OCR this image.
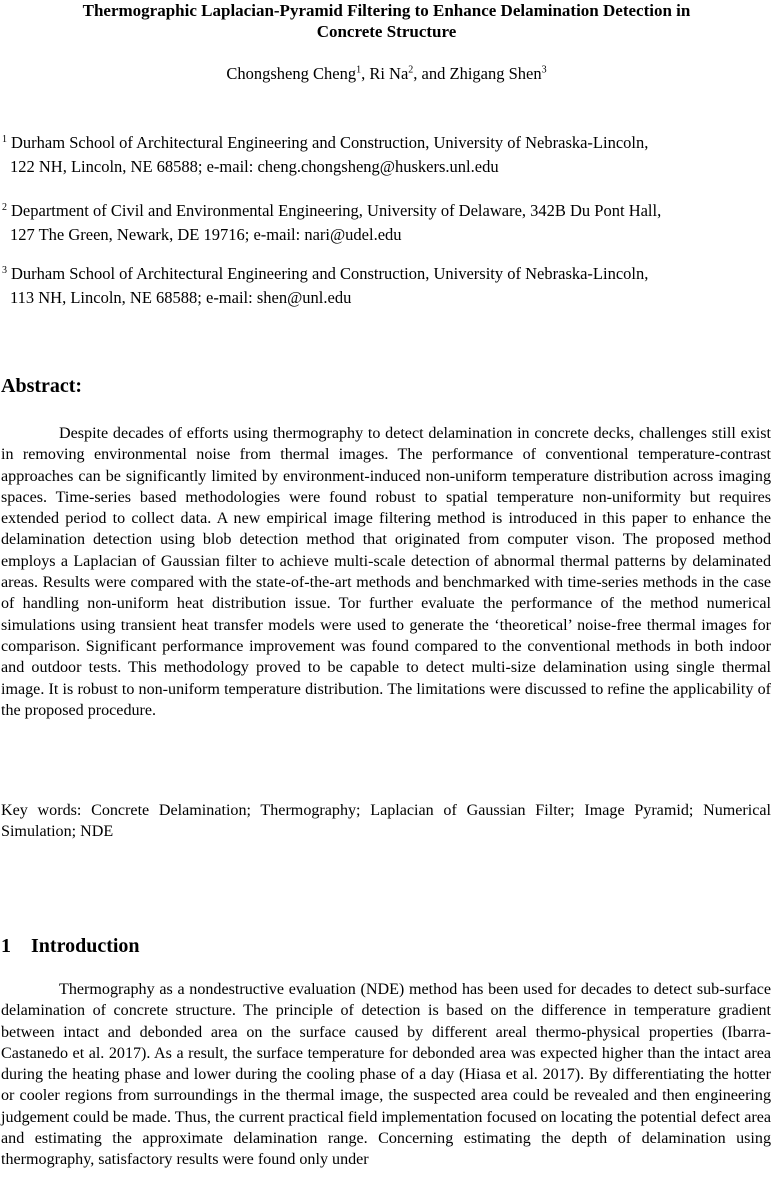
Thermographic Laplacian-Pyramid Filtering to Enhance Delamination Detection in
Concrete Structure
Chongsheng Cheng$^1$, Ri Na$^2$, and Zhigang Shen$^3$
$^1$ Durham School of Architectural Engineering and Construction, University of Nebraska-Lincoln,
122 NH, Lincoln, NE 68588; e-mail: cheng.chongsheng@huskers.unl.edu
$^2$ Department of Civil and Environmental Engineering, University of Delaware, 342B Du Pont Hall,
127 The Green, Newark, DE 19716; e-mail: nari@udel.edu
$^3$ Durham School of Architectural Engineering and Construction, University of Nebraska-Lincoln,
113 NH, Lincoln, NE 68588; e-mail: shen@unl.edu
Abstract:

Despite decades of efforts using thermography to detect delamination in concrete decks, challenges still exist in removing environmental noise from thermal images. The performance of conventional temperature-contrast approaches can be significantly limited by environment-induced non-uniform temperature distribution across imaging spaces. Time-series based methodologies were found robust to spatial temperature non-uniformity but requires extended period to collect data. A new empirical image filtering method is introduced in this paper to enhance the delamination detection using blob detection method that originated from computer vison. The proposed method employs a Laplacian of Gaussian filter to achieve multi-scale detection of abnormal thermal patterns by delaminated areas. Results were compared with the state-of-the-art methods and benchmarked with time-series methods in the case of handling non-uniform heat distribution issue. Tor further evaluate the performance of the method numerical simulations using transient heat transfer models were used to generate the ‘theoretical’ noise-free thermal images for comparison. Significant performance improvement was found compared to the conventional methods in both indoor and outdoor tests. This methodology proved to be capable to detect multi-size delamination using single thermal image. It is robust to non-uniform temperature distribution. The limitations were discussed to refine the applicability of the proposed procedure.

Key words: Concrete Delamination; Thermography; Laplacian of Gaussian Filter; Image Pyramid; Numerical Simulation; NDE

1 Introduction

Thermography as a nondestructive evaluation (NDE) method has been used for decades to detect sub-surface delamination of concrete structure. The principle of detection is based on the difference in temperature gradient between intact and debonded area on the surface caused by different areal thermo-physical properties (Ibarra-Castanedo et al. 2017). As a result, the surface temperature for debonded area was expected higher than the intact area during the heating phase and lower during the cooling phase of a day (Hiasa et al. 2017). By differentiating the hotter or cooler regions from surroundings in the thermal image, the suspected area could be revealed and then engineering judgement could be made. Thus, the current practical field implementation focused on locating the potential defect area and estimating the approximate delamination range. Concerning estimating the depth of delamination using thermography, satisfactory results were found only under
